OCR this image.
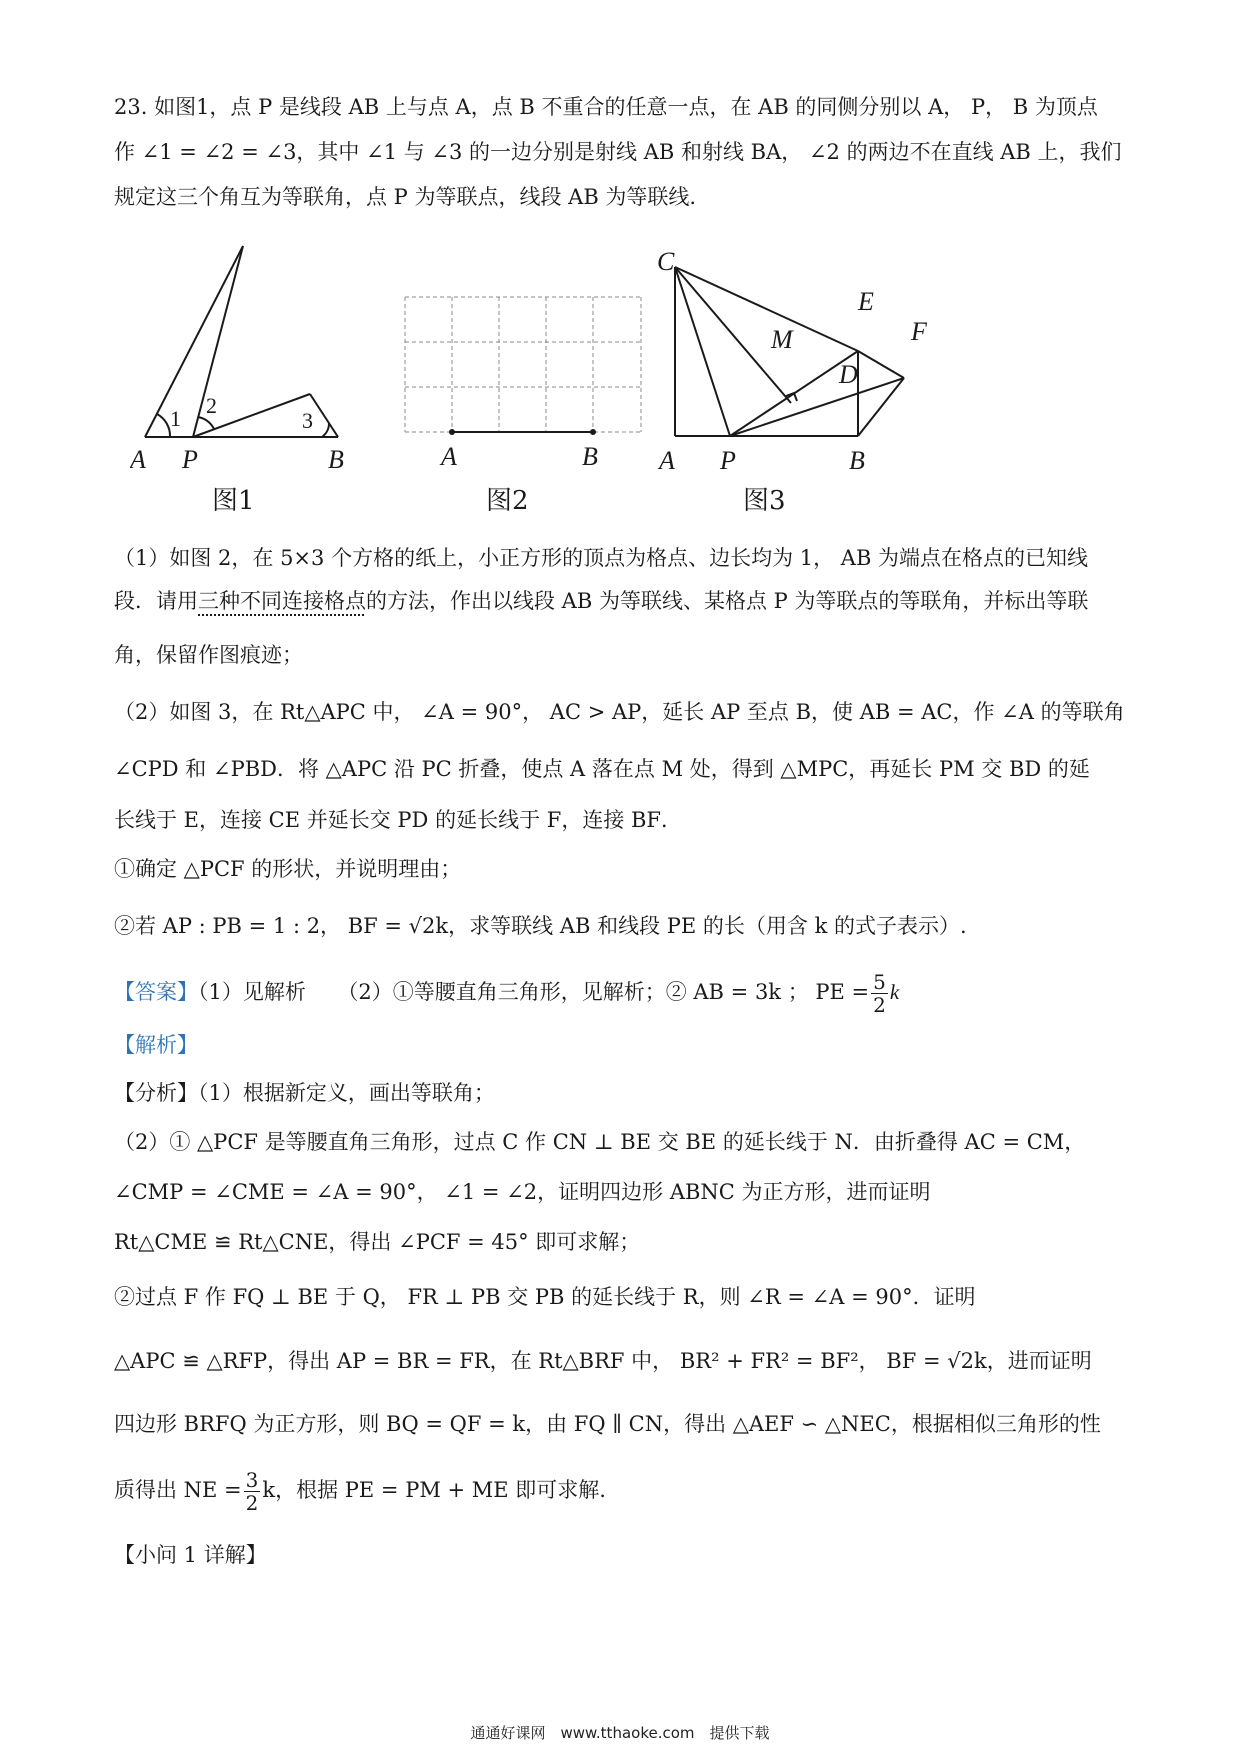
23. 如图1，点 P 是线段 AB 上与点 A，点 B 不重合的任意一点，在 AB 的同侧分别以 A， P， B 为顶点
作 ∠1 = ∠2 = ∠3，其中 ∠1 与 ∠3 的一边分别是射线 AB 和射线 BA， ∠2 的两边不在直线 AB 上，我们
规定这三个角互为等联角，点 P 为等联点，线段 AB 为等联线.
A P	B
1
2
3
图1
A	B
图2
C
E
F
M
D
A P	B
图3
（1）如图 2，在 5×3 个方格的纸上，小正方形的顶点为格点、边长均为 1， AB 为端点在格点的已知线
段．请用三种不同连接格点的方法，作出以线段 AB 为等联线、某格点 P 为等联点的等联角，并标出等联
角，保留作图痕迹；
（2）如图 3，在 Rt△APC 中， ∠A = 90°， AC > AP，延长 AP 至点 B，使 AB = AC，作 ∠A 的等联角
∠CPD 和 ∠PBD．将 △APC 沿 PC 折叠，使点 A 落在点 M 处，得到 △MPC，再延长 PM 交 BD 的延
长线于 E，连接 CE 并延长交 PD 的延长线于 F，连接 BF．
①确定 △PCF 的形状，并说明理由；
②若 AP : PB = 1 : 2， BF = √2k，求等联线 AB 和线段 PE 的长（用含 k 的式子表示）.
【答案】（1）见解析　　（2）①等腰直角三角形，见解析；② AB = 3k ； PE = $\frac{5}{2}$ k
【解析】
【分析】（1）根据新定义，画出等联角；
（2）① △PCF 是等腰直角三角形，过点 C 作 CN ⊥ BE 交 BE 的延长线于 N．由折叠得 AC = CM，
∠CMP = ∠CME = ∠A = 90°， ∠1 = ∠2，证明四边形 ABNC 为正方形，进而证明
Rt△CME ≌ Rt△CNE，得出 ∠PCF = 45° 即可求解；
②过点 F 作 FQ ⊥ BE 于 Q， FR ⊥ PB 交 PB 的延长线于 R，则 ∠R = ∠A = 90°．证明
△APC ≌ △RFP，得出 AP = BR = FR，在 Rt△BRF 中， BR² + FR² = BF²， BF = √2k，进而证明
四边形 BRFQ 为正方形，则 BQ = QF = k，由 FQ ∥ CN，得出 △AEF ∽ △NEC，根据相似三角形的性
质得出 NE = $\frac{3}{2}$ k，根据 PE = PM + ME 即可求解.
【小问 1 详解】
通通好课网　www.tthaoke.com　提供下载
